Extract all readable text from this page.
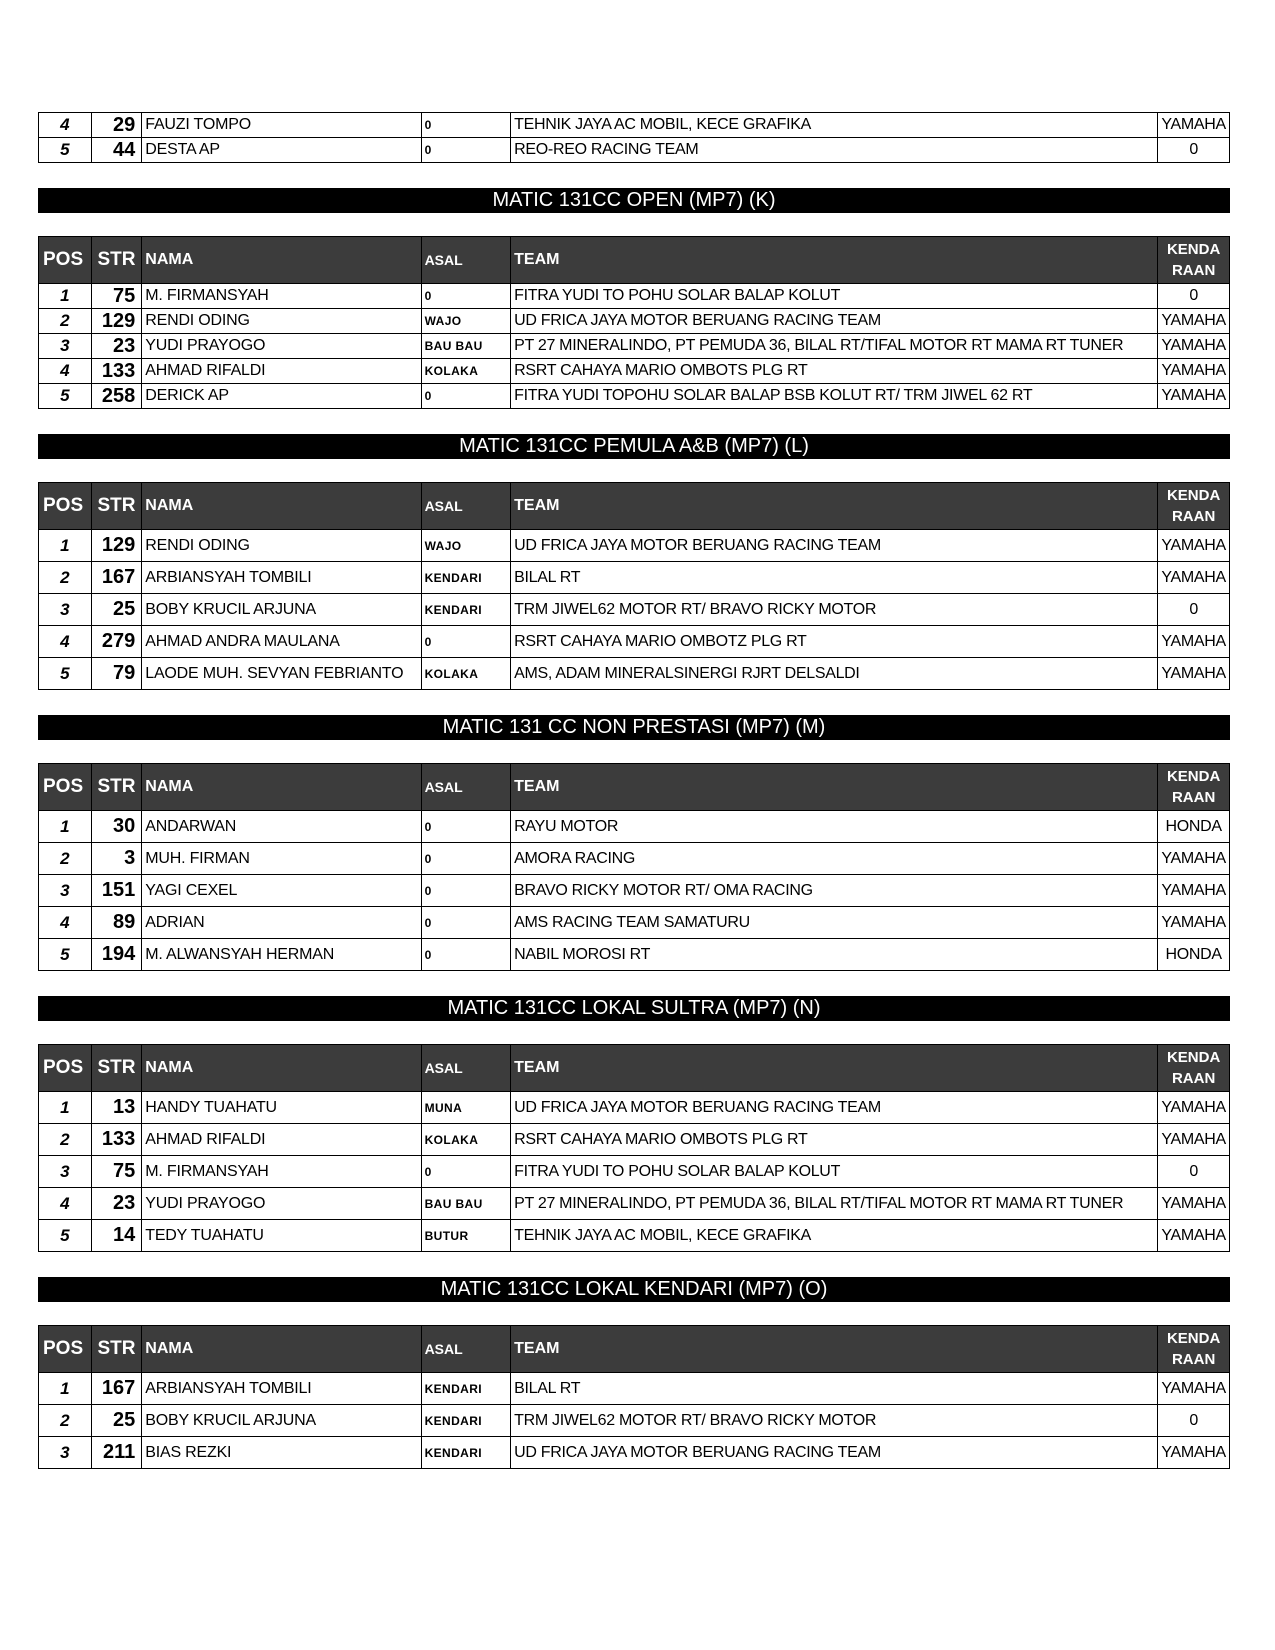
4	29	FAUZI TOMPO	0	TEHNIK JAYA AC MOBIL, KECE GRAFIKA	YAMAHA
5	44	DESTA AP	0	REO-REO RACING TEAM	0
MATIC 131CC OPEN (MP7) (K)
POS	STR	NAMA	ASAL	TEAM	KENDA
RAAN

1	75	M. FIRMANSYAH	0	FITRA YUDI TO POHU SOLAR BALAP KOLUT	0
2	129	RENDI ODING	WAJO	UD FRICA JAYA MOTOR BERUANG RACING TEAM	YAMAHA
3	23	YUDI PRAYOGO	BAU BAU	PT 27 MINERALINDO, PT PEMUDA 36, BILAL RT/TIFAL MOTOR RT MAMA RT TUNER	YAMAHA
4	133	AHMAD RIFALDI	KOLAKA	RSRT CAHAYA MARIO OMBOTS PLG RT	YAMAHA
5	258	DERICK AP	0	FITRA YUDI TOPOHU SOLAR BALAP BSB KOLUT RT/ TRM JIWEL 62 RT	YAMAHA
MATIC 131CC PEMULA A&B (MP7) (L)
POS	STR	NAMA	ASAL	TEAM	KENDA
RAAN

1	129	RENDI ODING	WAJO	UD FRICA JAYA MOTOR BERUANG RACING TEAM	YAMAHA
2	167	ARBIANSYAH TOMBILI	KENDARI	BILAL RT	YAMAHA
3	25	BOBY KRUCIL ARJUNA	KENDARI	TRM JIWEL62 MOTOR RT/ BRAVO RICKY MOTOR	0
4	279	AHMAD ANDRA MAULANA	0	RSRT CAHAYA MARIO OMBOTZ PLG RT	YAMAHA
5	79	LAODE MUH. SEVYAN FEBRIANTO	KOLAKA	AMS, ADAM MINERALSINERGI RJRT DELSALDI	YAMAHA
MATIC 131 CC NON PRESTASI (MP7) (M)
POS	STR	NAMA	ASAL	TEAM	KENDA
RAAN

1	30	ANDARWAN	0	RAYU MOTOR	HONDA
2	3	MUH. FIRMAN	0	AMORA RACING	YAMAHA
3	151	YAGI CEXEL	0	BRAVO RICKY MOTOR RT/ OMA RACING	YAMAHA
4	89	ADRIAN	0	AMS RACING TEAM SAMATURU	YAMAHA
5	194	M. ALWANSYAH HERMAN	0	NABIL MOROSI RT	HONDA
MATIC 131CC LOKAL SULTRA (MP7) (N)
POS	STR	NAMA	ASAL	TEAM	KENDA
RAAN

1	13	HANDY TUAHATU	MUNA	UD FRICA JAYA MOTOR BERUANG RACING TEAM	YAMAHA
2	133	AHMAD RIFALDI	KOLAKA	RSRT CAHAYA MARIO OMBOTS PLG RT	YAMAHA
3	75	M. FIRMANSYAH	0	FITRA YUDI TO POHU SOLAR BALAP KOLUT	0
4	23	YUDI PRAYOGO	BAU BAU	PT 27 MINERALINDO, PT PEMUDA 36, BILAL RT/TIFAL MOTOR RT MAMA RT TUNER	YAMAHA
5	14	TEDY TUAHATU	BUTUR	TEHNIK JAYA AC MOBIL, KECE GRAFIKA	YAMAHA
MATIC 131CC LOKAL KENDARI (MP7) (O)
POS	STR	NAMA	ASAL	TEAM	KENDA
RAAN

1	167	ARBIANSYAH TOMBILI	KENDARI	BILAL RT	YAMAHA
2	25	BOBY KRUCIL ARJUNA	KENDARI	TRM JIWEL62 MOTOR RT/ BRAVO RICKY MOTOR	0
3	211	BIAS REZKI	KENDARI	UD FRICA JAYA MOTOR BERUANG RACING TEAM	YAMAHA
